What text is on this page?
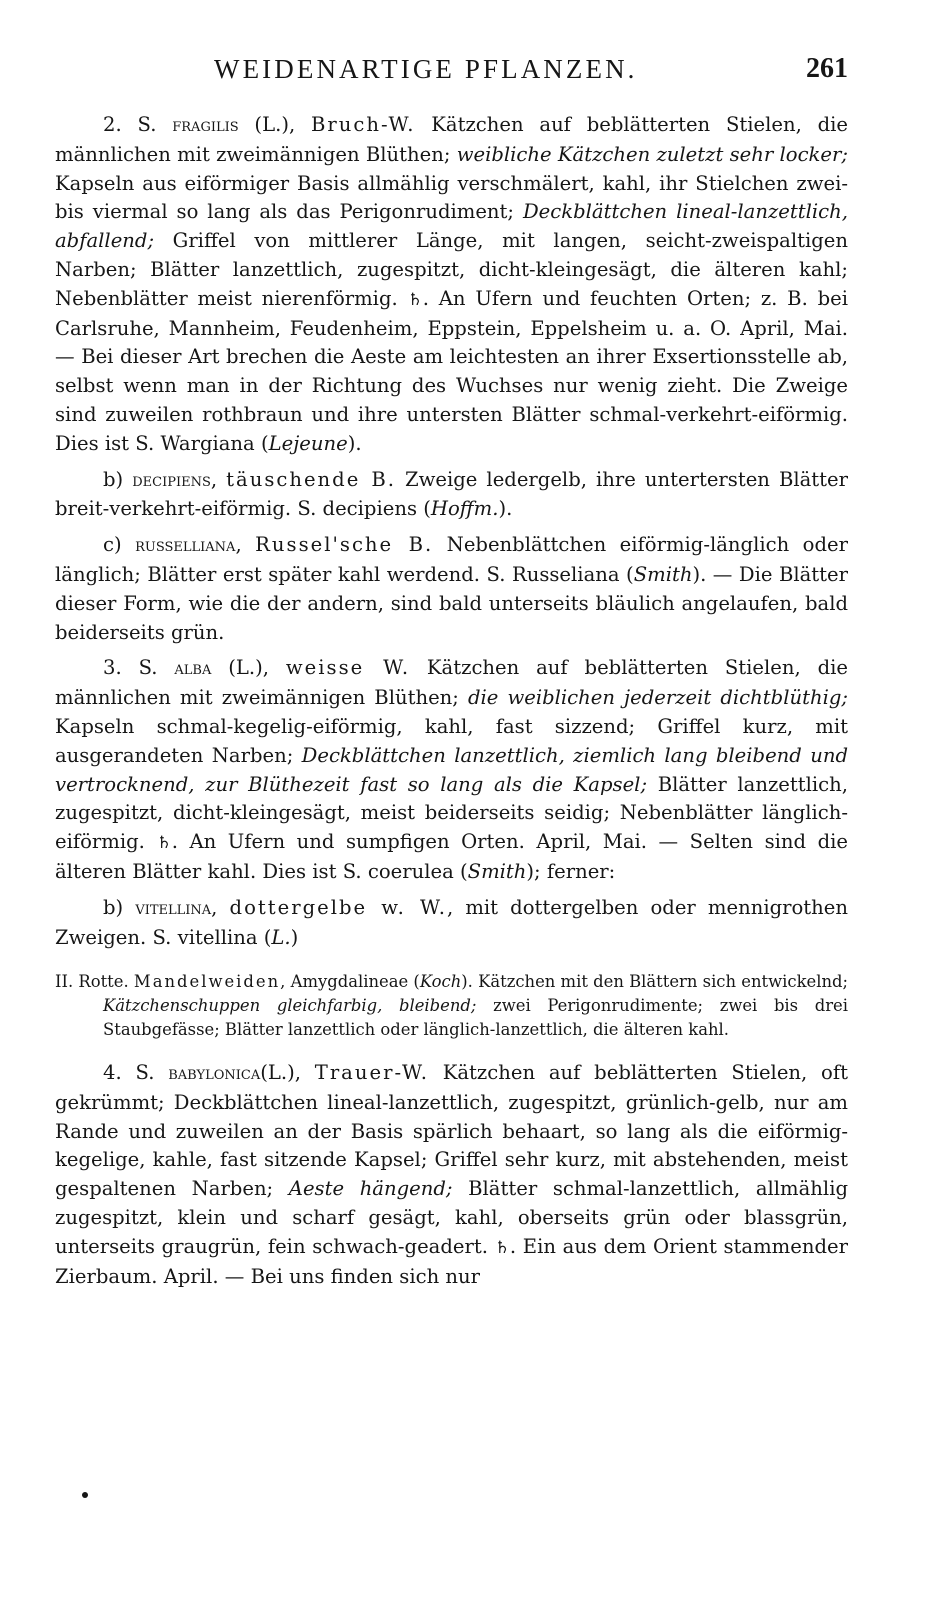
WEIDENARTIGE PFLANZEN.	261

2. S. fragilis (L.), Bruch-W. Kätzchen auf beblätterten Stielen, die männlichen mit zweimännigen Blüthen; weibliche Kätzchen zuletzt sehr locker; Kapseln aus eiförmiger Basis allmählig verschmälert, kahl, ihr Stielchen zwei- bis viermal so lang als das Perigonrudiment; Deckblättchen lineal-lanzettlich, abfallend; Griffel von mittlerer Länge, mit langen, seicht-zweispaltigen Narben; Blätter lanzettlich, zugespitzt, dicht-kleingesägt, die älteren kahl; Nebenblätter meist nierenförmig. ♄. An Ufern und feuchten Orten; z. B. bei Carlsruhe, Mannheim, Feudenheim, Eppstein, Eppelsheim u. a. O. April, Mai. — Bei dieser Art brechen die Aeste am leichtesten an ihrer Exsertionsstelle ab, selbst wenn man in der Richtung des Wuchses nur wenig zieht. Die Zweige sind zuweilen rothbraun und ihre untersten Blätter schmal-verkehrt-eiförmig. Dies ist S. Wargiana (Lejeune).

b) decipiens, täuschende B. Zweige ledergelb, ihre untertersten Blätter breit-verkehrt-eiförmig. S. decipiens (Hoffm.).

c) russelliana, Russel'sche B. Nebenblättchen eiförmig-länglich oder länglich; Blätter erst später kahl werdend. S. Russeliana (Smith). — Die Blätter dieser Form, wie die der andern, sind bald unterseits bläulich angelaufen, bald beiderseits grün.

3. S. alba (L.), weisse W. Kätzchen auf beblätterten Stielen, die männlichen mit zweimännigen Blüthen; die weiblichen jederzeit dichtblüthig; Kapseln schmal-kegelig-eiförmig, kahl, fast sizzend; Griffel kurz, mit ausgerandeten Narben; Deckblättchen lanzettlich, ziemlich lang bleibend und vertrocknend, zur Blüthezeit fast so lang als die Kapsel; Blätter lanzettlich, zugespitzt, dicht-kleingesägt, meist beiderseits seidig; Nebenblätter länglich-eiförmig. ♄. An Ufern und sumpfigen Orten. April, Mai. — Selten sind die älteren Blätter kahl. Dies ist S. coerulea (Smith); ferner:

b) vitellina, dottergelbe w. W., mit dottergelben oder mennigrothen Zweigen. S. vitellina (L.)

II. Rotte. Mandelweiden, Amygdalineae (Koch). Kätzchen mit den Blättern sich entwickelnd; Kätzchenschuppen gleichfarbig, bleibend; zwei Perigonrudimente; zwei bis drei Staubgefässe; Blätter lanzettlich oder länglich-lanzettlich, die älteren kahl.

4. S. babylonica(L.), Trauer-W. Kätzchen auf beblätterten Stielen, oft gekrümmt; Deckblättchen lineal-lanzettlich, zugespitzt, grünlich-gelb, nur am Rande und zuweilen an der Basis spärlich behaart, so lang als die eiförmig-kegelige, kahle, fast sitzende Kapsel; Griffel sehr kurz, mit abstehenden, meist gespaltenen Narben; Aeste hängend; Blätter schmal-lanzettlich, allmählig zugespitzt, klein und scharf gesägt, kahl, oberseits grün oder blassgrün, unterseits graugrün, fein schwach-geadert. ♄. Ein aus dem Orient stammender Zierbaum. April. — Bei uns finden sich nur
